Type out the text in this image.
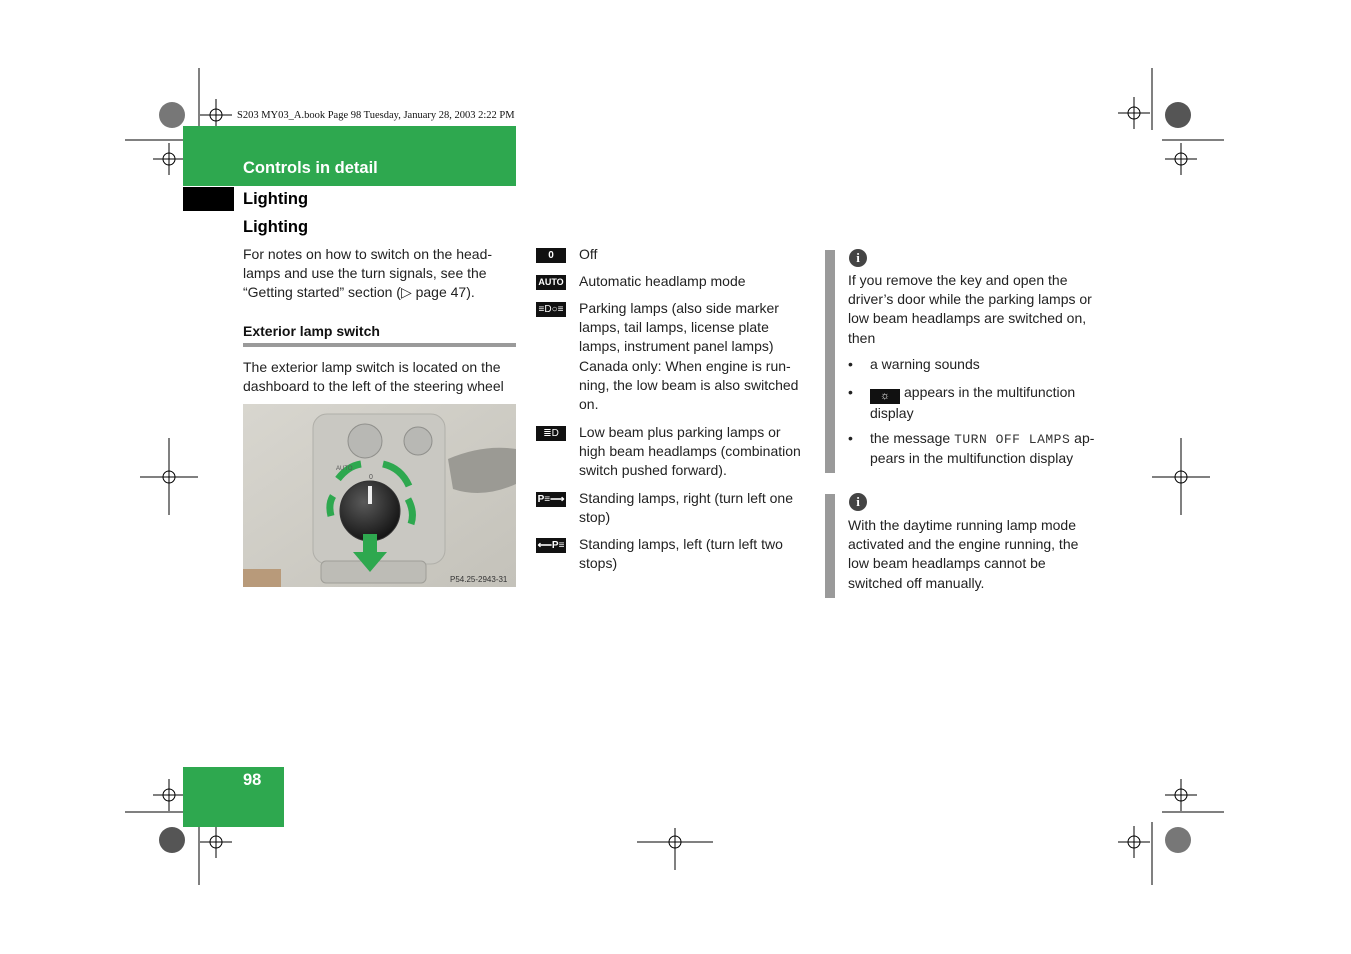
S203 MY03_A.book Page 98 Tuesday, January 28, 2003 2:22 PM
Controls in detail
Lighting
Lighting
For notes on how to switch on the head-lamps and use the turn signals, see the “Getting started” section (▷ page 47).
Exterior lamp switch
The exterior lamp switch is located on the dashboard to the left of the steering wheel
P54.25-2943-31
0
AUTO
0	Off
AUTO Automatic headlamp mode
≡D○≡ Parking lamps (also side marker lamps, tail lamps, license plate lamps, instrument panel lamps) Canada only: When engine is run-ning, the low beam is also switched on.
≣D	Low beam plus parking lamps or high beam headlamps (combination switch pushed forward).
P≡⟶ Standing lamps, right (turn left one stop)
⟵P≡ Standing lamps, left (turn left two stops)
i
If you remove the key and open the driver’s door while the parking lamps or low beam headlamps are switched on, then
• a warning sounds
•	☼ appears in the multifunction display
• the message TURN OFF LAMPS ap-pears in the multifunction display
i
With the daytime running lamp mode activated and the engine running, the low beam headlamps cannot be switched off manually.
98
